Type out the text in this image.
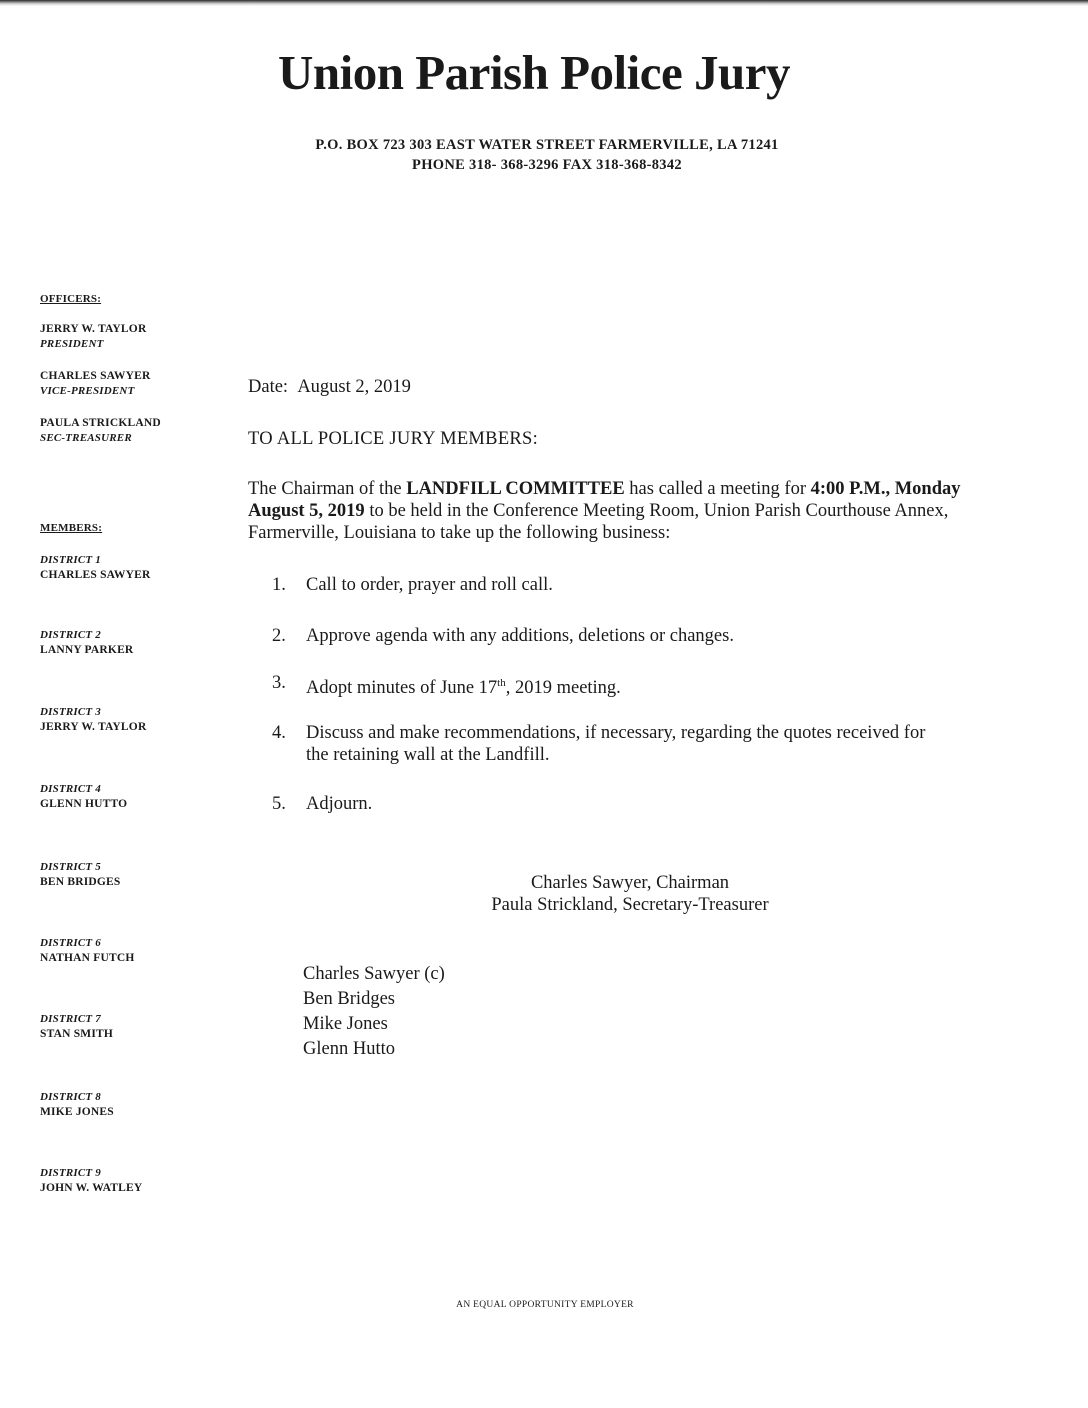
Union Parish Police Jury
P.O. BOX 723 303 EAST WATER STREET FARMERVILLE, LA 71241
PHONE 318- 368-3296 FAX 318-368-8342
OFFICERS:
JERRY W. TAYLOR
PRESIDENT
CHARLES SAWYER
VICE-PRESIDENT
PAULA STRICKLAND
SEC-TREASURER
MEMBERS:
DISTRICT 1
CHARLES SAWYER
DISTRICT 2
LANNY PARKER
DISTRICT 3
JERRY W. TAYLOR
DISTRICT 4
GLENN HUTTO
DISTRICT 5
BEN BRIDGES
DISTRICT 6
NATHAN FUTCH
DISTRICT 7
STAN SMITH
DISTRICT 8
MIKE JONES
DISTRICT 9
JOHN W. WATLEY
Date: August 2, 2019
TO ALL POLICE JURY MEMBERS:
The Chairman of the LANDFILL COMMITTEE has called a meeting for 4:00 P.M., Monday August 5, 2019 to be held in the Conference Meeting Room, Union Parish Courthouse Annex, Farmerville, Louisiana to take up the following business:
1. Call to order, prayer and roll call.
2. Approve agenda with any additions, deletions or changes.
3. Adopt minutes of June 17th, 2019 meeting.
4. Discuss and make recommendations, if necessary, regarding the quotes received for the retaining wall at the Landfill.
5. Adjourn.
Charles Sawyer, Chairman
Paula Strickland, Secretary-Treasurer
Charles Sawyer (c)
Ben Bridges
Mike Jones
Glenn Hutto
AN EQUAL OPPORTUNITY EMPLOYER
